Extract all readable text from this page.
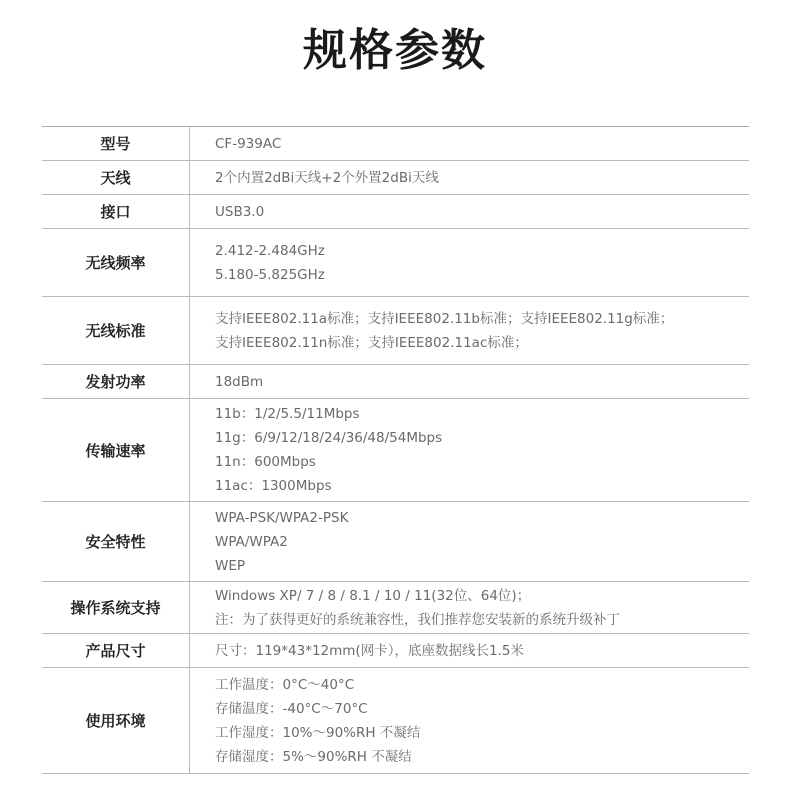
规格参数
型号	CF-939AC

天线	2个内置2dBi天线+2个外置2dBi天线

接口	USB3.0

无线频率	2.412-2.484GHz
5.180-5.825GHz

无线标准	支持IEEE802.11a标准；支持IEEE802.11b标准；支持IEEE802.11g标准；
支持IEEE802.11n标准；支持IEEE802.11ac标准；

发射功率	18dBm

传输速率	11b：1/2/5.5/11Mbps
11g：6/9/12/18/24/36/48/54Mbps
11n：600Mbps
11ac：1300Mbps

安全特性	WPA-PSK/WPA2-PSK
WPA/WPA2
WEP

操作系统支持	Windows XP/ 7 / 8 / 8.1 / 10 / 11(32位、64位)；
注：为了获得更好的系统兼容性，我们推荐您安装新的系统升级补丁

产品尺寸	尺寸：119*43*12mm(网卡），底座数据线长1.5米

使用环境	工作温度：0°C～40°C
存储温度：-40°C～70°C
工作湿度：10%～90%RH 不凝结
存储湿度：5%～90%RH 不凝结
